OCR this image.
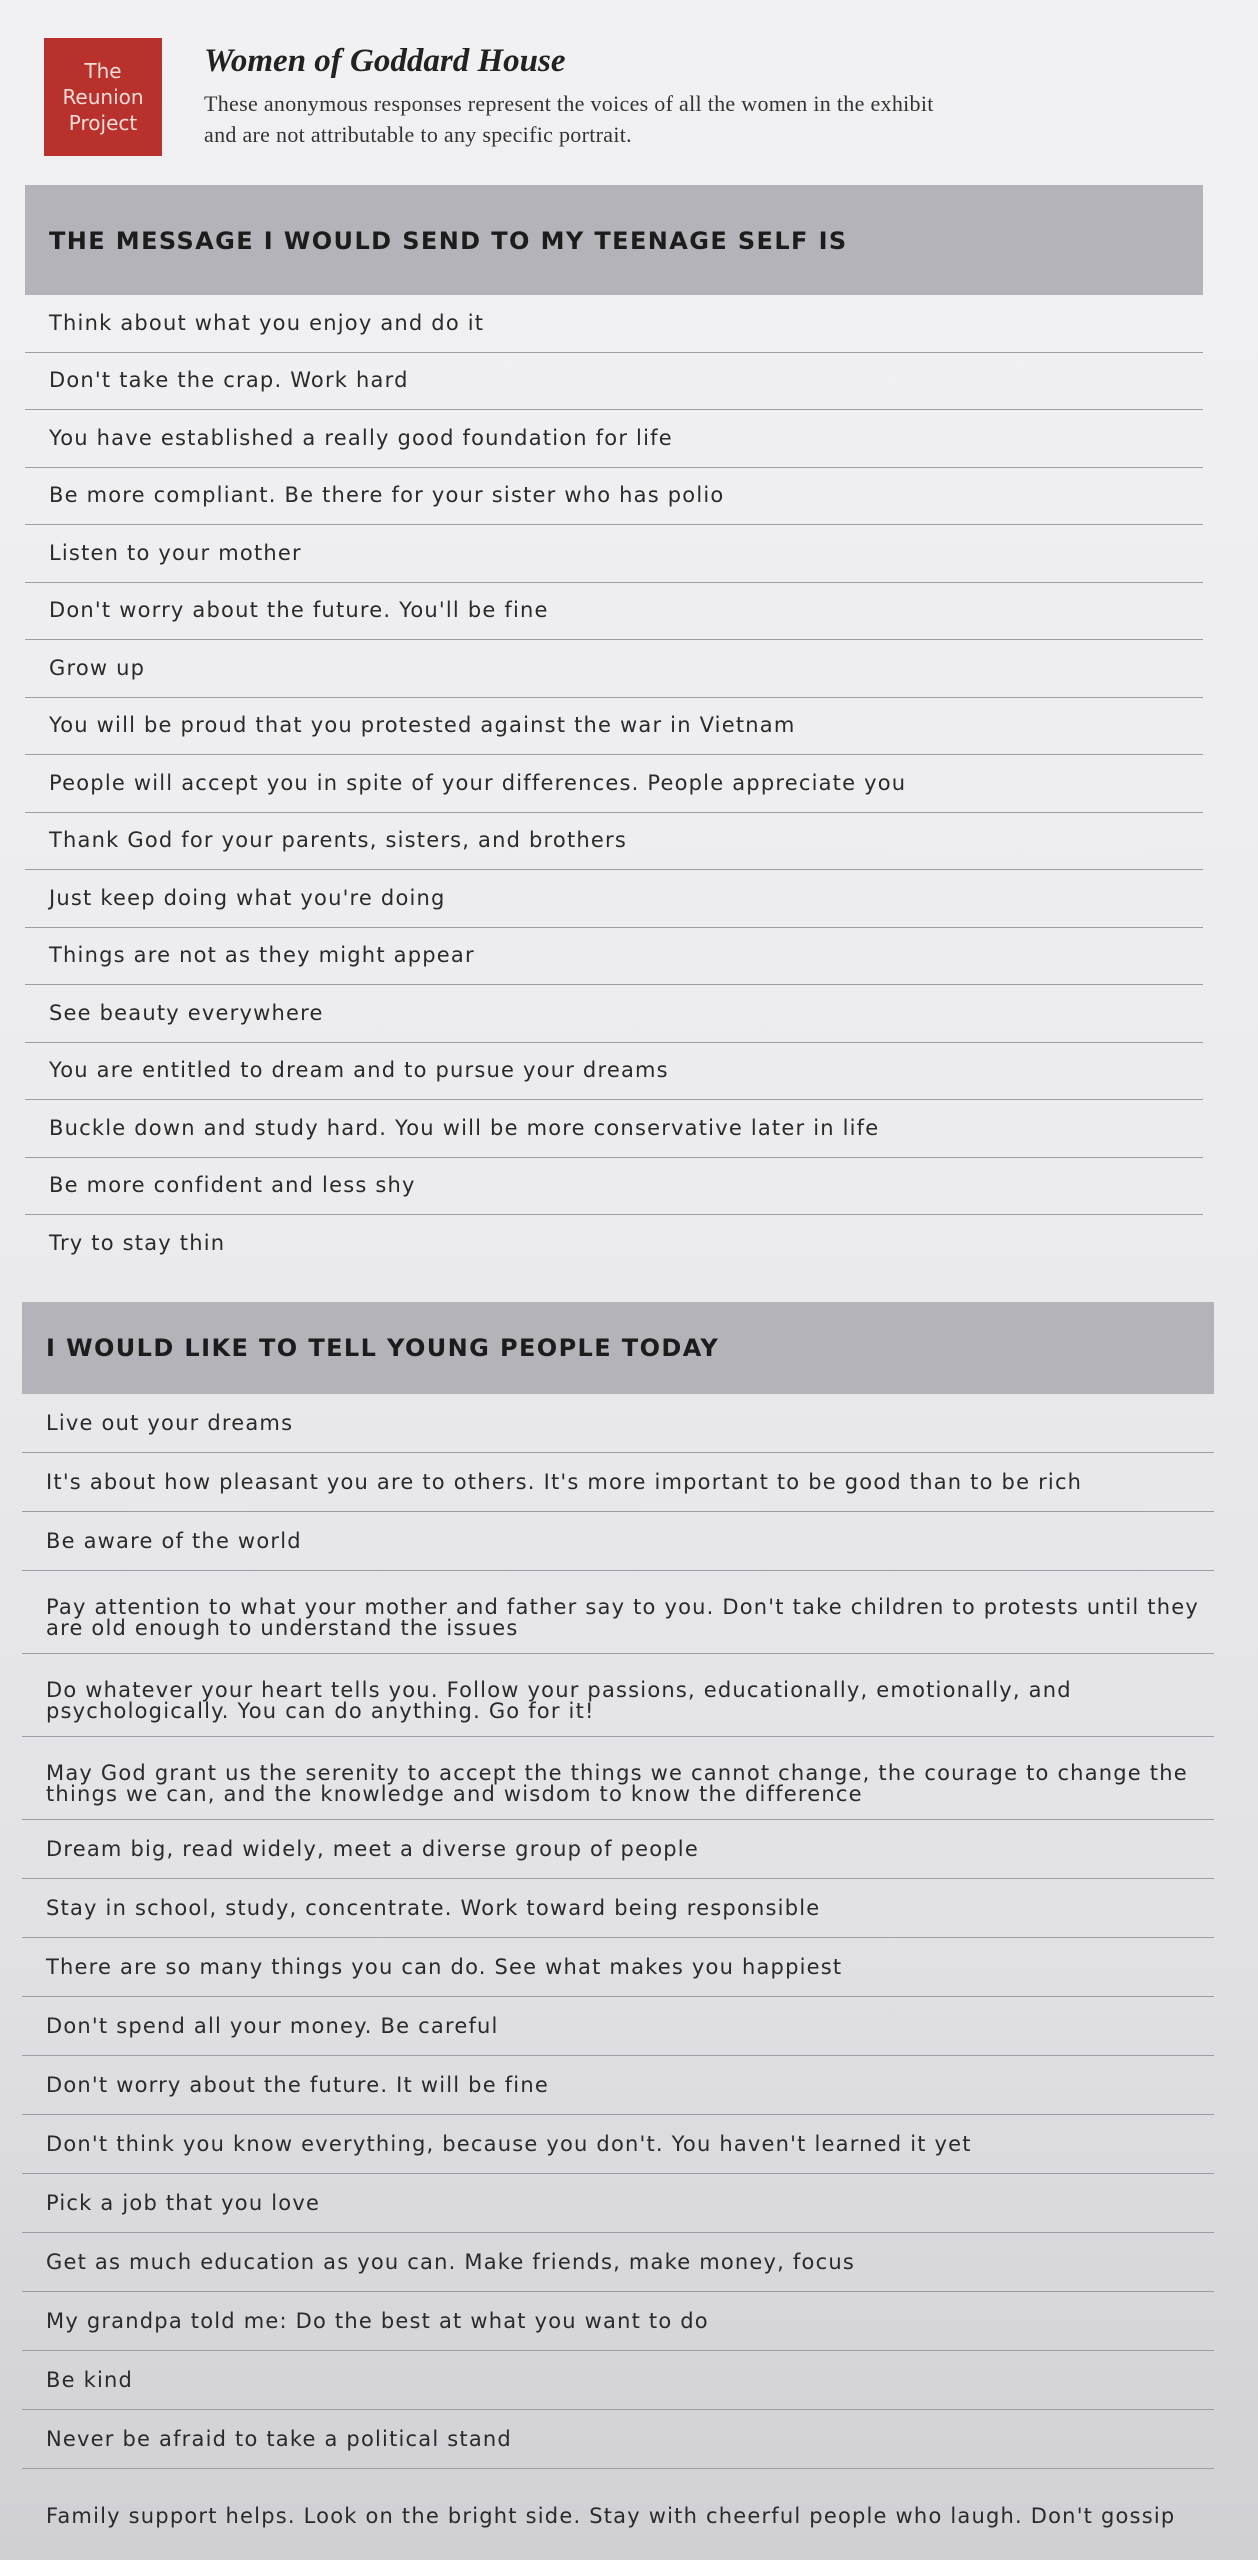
The
Reunion
Project
Women of Goddard House

These anonymous responses represent the voices of all the women in the exhibit and are not attributable to any specific portrait.

THE MESSAGE I WOULD SEND TO MY TEENAGE SELF IS
Think about what you enjoy and do it
Don't take the crap. Work hard
You have established a really good foundation for life
Be more compliant. Be there for your sister who has polio
Listen to your mother
Don't worry about the future. You'll be fine
Grow up
You will be proud that you protested against the war in Vietnam
People will accept you in spite of your differences. People appreciate you
Thank God for your parents, sisters, and brothers
Just keep doing what you're doing
Things are not as they might appear
See beauty everywhere
You are entitled to dream and to pursue your dreams
Buckle down and study hard. You will be more conservative later in life
Be more confident and less shy
Try to stay thin
I WOULD LIKE TO TELL YOUNG PEOPLE TODAY
Live out your dreams
It's about how pleasant you are to others. It's more important to be good than to be rich
Be aware of the world
Pay attention to what your mother and father say to you. Don't take children to protests until they are old enough to understand the issues
Do whatever your heart tells you. Follow your passions, educationally, emotionally, and psychologically. You can do anything. Go for it!
May God grant us the serenity to accept the things we cannot change, the courage to change the things we can, and the knowledge and wisdom to know the difference
Dream big, read widely, meet a diverse group of people
Stay in school, study, concentrate. Work toward being responsible
There are so many things you can do. See what makes you happiest
Don't spend all your money. Be careful
Don't worry about the future. It will be fine
Don't think you know everything, because you don't. You haven't learned it yet
Pick a job that you love
Get as much education as you can. Make friends, make money, focus
My grandpa told me: Do the best at what you want to do
Be kind
Never be afraid to take a political stand
Family support helps. Look on the bright side. Stay with cheerful people who laugh. Don't gossip
